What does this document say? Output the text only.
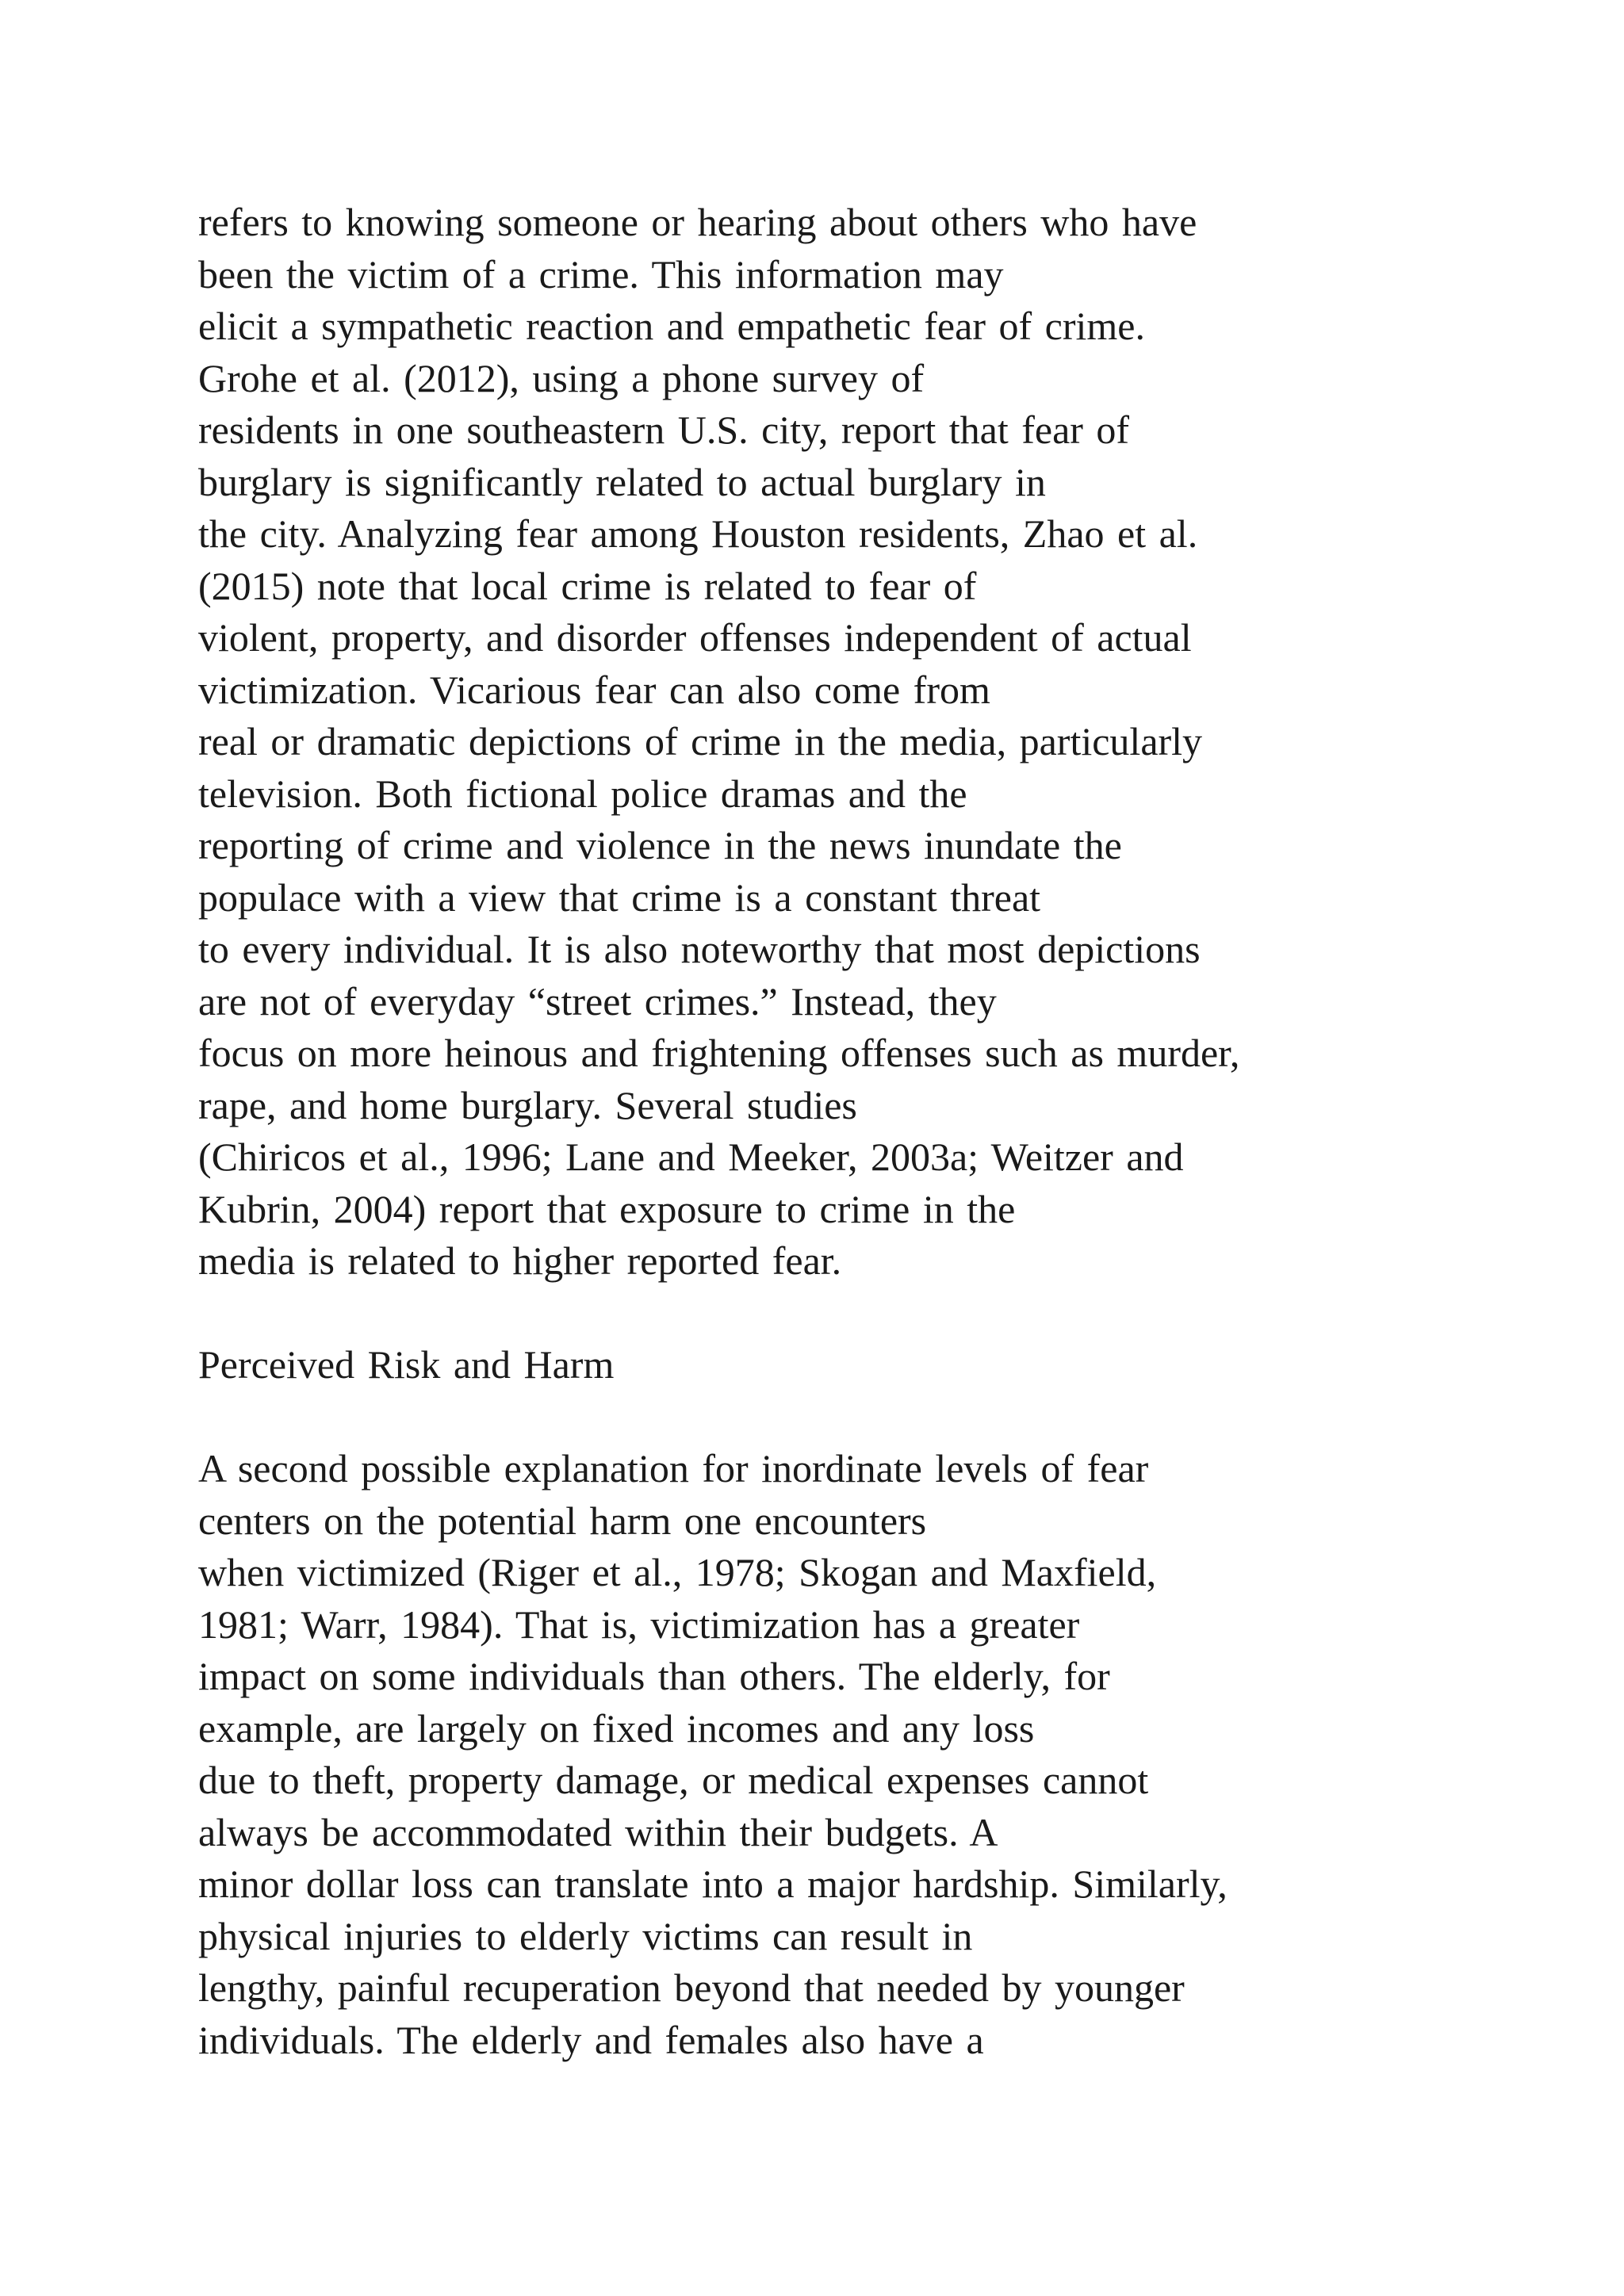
refers to knowing someone or hearing about others who have
been the victim of a crime. This information may
elicit a sympathetic reaction and empathetic fear of crime.
Grohe et al. (2012), using a phone survey of
residents in one southeastern U.S. city, report that fear of
burglary is significantly related to actual burglary in
the city. Analyzing fear among Houston residents, Zhao et al.
(2015) note that local crime is related to fear of
violent, property, and disorder offenses independent of actual
victimization. Vicarious fear can also come from
real or dramatic depictions of crime in the media, particularly
television. Both fictional police dramas and the
reporting of crime and violence in the news inundate the
populace with a view that crime is a constant threat
to every individual. It is also noteworthy that most depictions
are not of everyday “street crimes.” Instead, they
focus on more heinous and frightening offenses such as murder,
rape, and home burglary. Several studies
(Chiricos et al., 1996; Lane and Meeker, 2003a; Weitzer and
Kubrin, 2004) report that exposure to crime in the
media is related to higher reported fear.
Perceived Risk and Harm
A second possible explanation for inordinate levels of fear
centers on the potential harm one encounters
when victimized (Riger et al., 1978; Skogan and Maxfield,
1981; Warr, 1984). That is, victimization has a greater
impact on some individuals than others. The elderly, for
example, are largely on fixed incomes and any loss
due to theft, property damage, or medical expenses cannot
always be accommodated within their budgets. A
minor dollar loss can translate into a major hardship. Similarly,
physical injuries to elderly victims can result in
lengthy, painful recuperation beyond that needed by younger
individuals. The elderly and females also have a
